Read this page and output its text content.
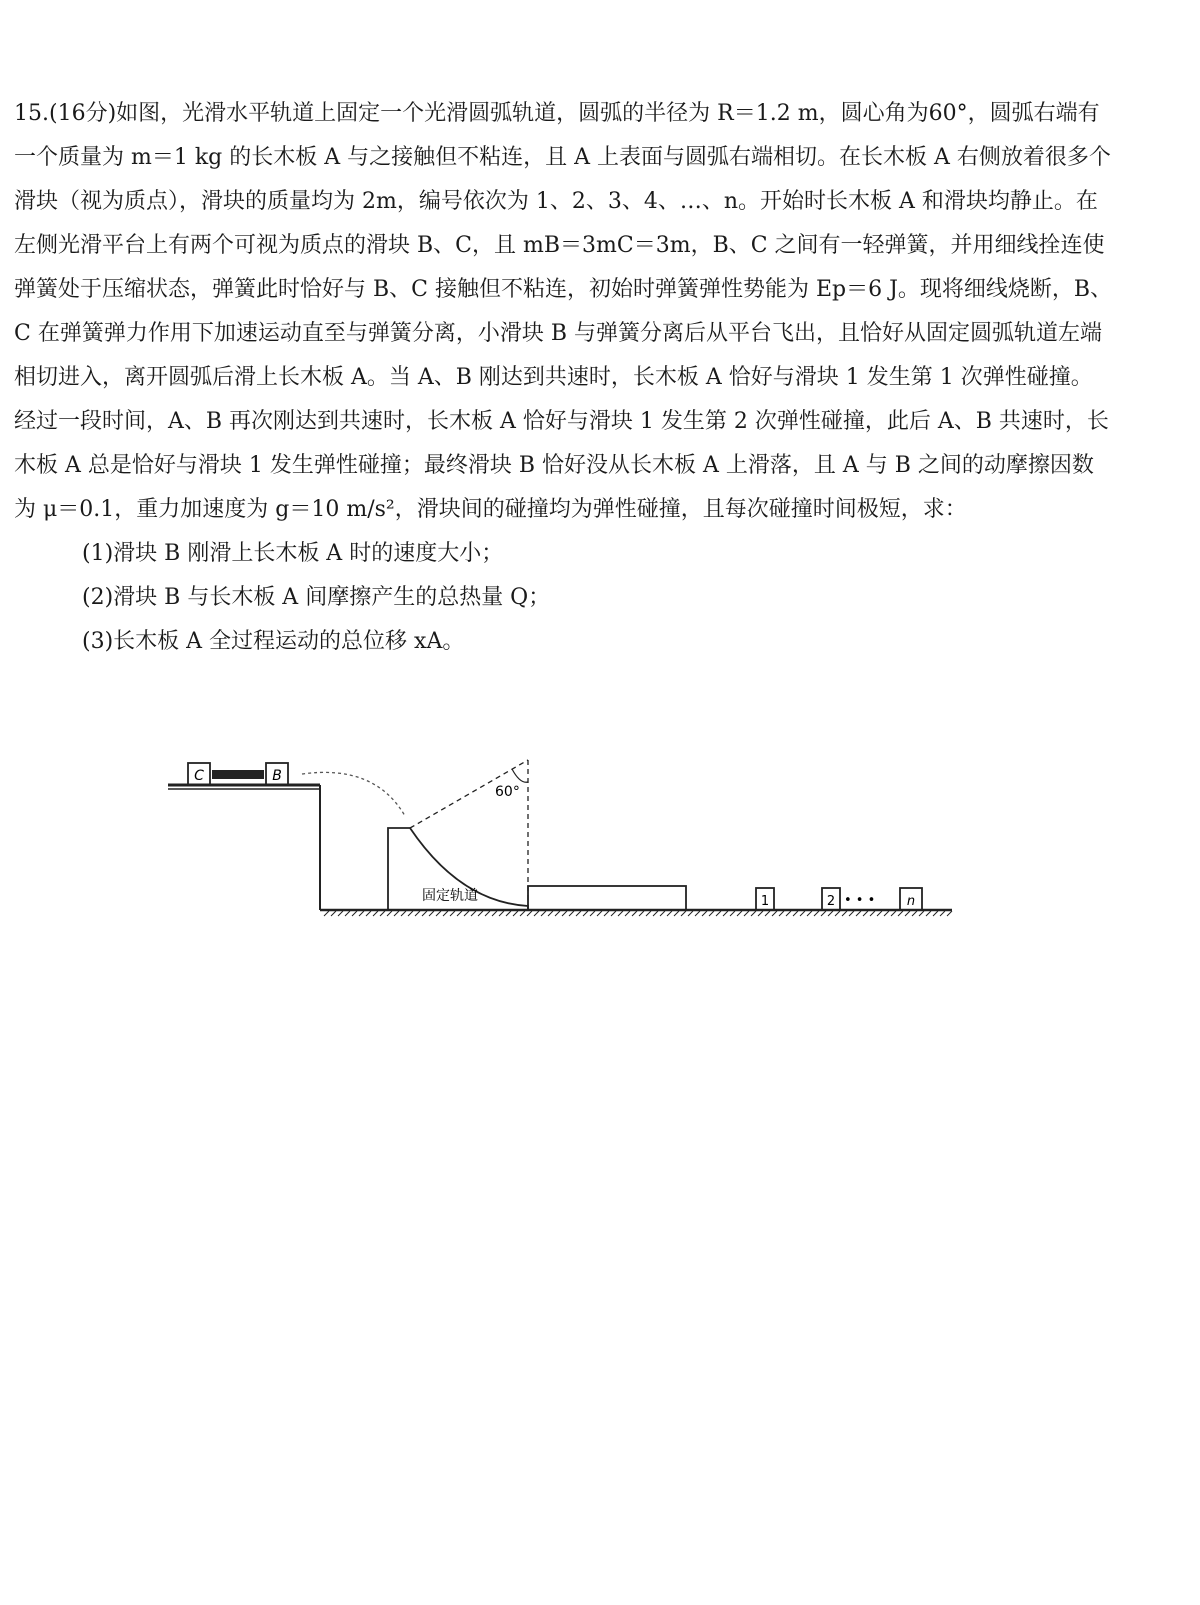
15.(16分)如图，光滑水平轨道上固定一个光滑圆弧轨道，圆弧的半径为 R＝1.2 m，圆心角为60°，圆弧右端有一个质量为 m＝1 kg 的长木板 A 与之接触但不粘连，且 A 上表面与圆弧右端相切。在长木板 A 右侧放着很多个滑块（视为质点），滑块的质量均为 2m，编号依次为 1、2、3、4、…、n。开始时长木板 A 和滑块均静止。在左侧光滑平台上有两个可视为质点的滑块 B、C，且 mB＝3mC＝3m，B、C 之间有一轻弹簧，并用细线拴连使弹簧处于压缩状态，弹簧此时恰好与 B、C 接触但不粘连，初始时弹簧弹性势能为 Ep＝6 J。现将细线烧断，B、C 在弹簧弹力作用下加速运动直至与弹簧分离，小滑块 B 与弹簧分离后从平台飞出，且恰好从固定圆弧轨道左端相切进入，离开圆弧后滑上长木板 A。当 A、B 刚达到共速时，长木板 A 恰好与滑块 1 发生第 1 次弹性碰撞。经过一段时间，A、B 再次刚达到共速时，长木板 A 恰好与滑块 1 发生第 2 次弹性碰撞，此后 A、B 共速时，长木板 A 总是恰好与滑块 1 发生弹性碰撞；最终滑块 B 恰好没从长木板 A 上滑落，且 A 与 B 之间的动摩擦因数为 μ＝0.1，重力加速度为 g＝10 m/s²，滑块间的碰撞均为弹性碰撞，且每次碰撞时间极短，求：
(1)滑块 B 刚滑上长木板 A 时的速度大小；
(2)滑块 B 与长木板 A 间摩擦产生的总热量 Q；
(3)长木板 A 全过程运动的总位移 xA。
C	B
固定轨道
60°
1	2 • • • n
